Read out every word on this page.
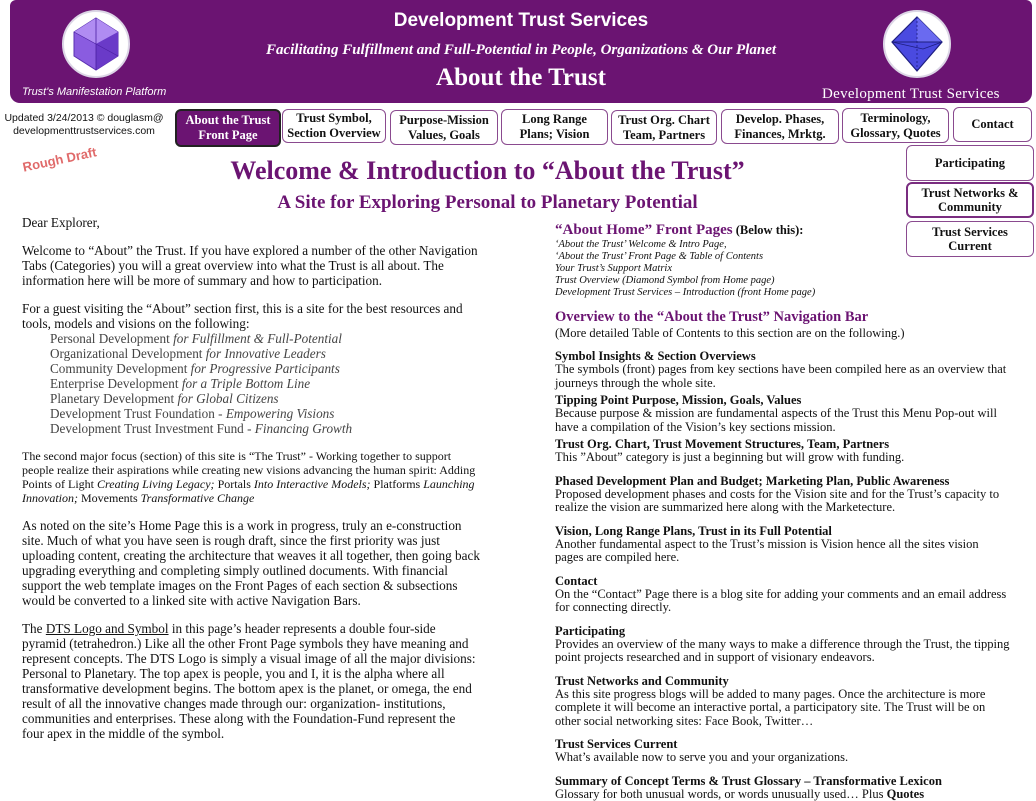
Development Trust Services
Facilitating Fulfillment and Full-Potential in People, Organizations & Our Planet
About the Trust
Trust's Manifestation Platform	Development Trust Services
Updated 3/24/2013 © douglasm@
developmenttrustservices.com
Rough Draft
About the Trust
Front Page
Trust Symbol,
Section Overview
Purpose-Mission
Values, Goals
Long Range
Plans; Vision
Trust Org. Chart
Team, Partners
Develop. Phases,
Finances, Mrktg.
Terminology,
Glossary, Quotes
Contact
Participating
Trust Networks &
Community
Trust Services
Current
Welcome & Introduction to “About the Trust”
A Site for Exploring Personal to Planetary Potential

Dear Explorer,

Welcome to “About” the Trust. If you have explored a number of the other Navigation Tabs (Categories) you will a great overview into what the Trust is all about. The information here will be more of summary and how to participation.

For a guest visiting the “About” section first, this is a site for the best resources and tools, models and visions on the following:

Personal Development for Fulfillment & Full-Potential
Organizational Development for Innovative Leaders
Community Development for Progressive Participants
Enterprise Development for a Triple Bottom Line
Planetary Development for Global Citizens
Development Trust Foundation - Empowering Visions
Development Trust Investment Fund - Financing Growth

The second major focus (section) of this site is “The Trust” - Working together to support people realize their aspirations while creating new visions advancing the human spirit: Adding Points of Light Creating Living Legacy; Portals Into Interactive Models; Platforms Launching Innovation; Movements Transformative Change

As noted on the site’s Home Page this is a work in progress, truly an e-construction site. Much of what you have seen is rough draft, since the first priority was just uploading content, creating the architecture that weaves it all together, then going back upgrading everything and completing simply outlined documents. With financial support the web template images on the Front Pages of each section & subsections would be converted to a linked site with active Navigation Bars.

The DTS Logo and Symbol in this page’s header represents a double four-side pyramid (tetrahedron.) Like all the other Front Page symbols they have meaning and represent concepts. The DTS Logo is simply a visual image of all the major divisions: Personal to Planetary. The top apex is people, you and I, it is the alpha where all transformative development begins. The bottom apex is the planet, or omega, the end result of all the innovative changes made through our: organization- institutions, communities and enterprises. These along with the Foundation-Fund represent the four apex in the middle of the symbol.

“About Home” Front Pages (Below this):
‘About the Trust’ Welcome & Intro Page,
‘About the Trust’ Front Page & Table of Contents
Your Trust’s Support Matrix
Trust Overview (Diamond Symbol from Home page)
Development Trust Services – Introduction (front Home page)
Overview to the “About the Trust” Navigation Bar
(More detailed Table of Contents to this section are on the following.)
Symbol Insights & Section Overviews
The symbols (front) pages from key sections have been compiled here as an overview that journeys through the whole site.
Tipping Point Purpose, Mission, Goals, Values
Because purpose & mission are fundamental aspects of the Trust this Menu Pop-out will have a compilation of the Vision’s key sections mission.
Trust Org. Chart, Trust Movement Structures, Team, Partners
This ”About” category is just a beginning but will grow with funding.
Phased Development Plan and Budget; Marketing Plan, Public Awareness
Proposed development phases and costs for the Vision site and for the Trust’s capacity to realize the vision are summarized here along with the Marketecture.
Vision, Long Range Plans, Trust in its Full Potential
Another fundamental aspect to the Trust’s mission is Vision hence all the sites vision pages are compiled here.
Contact
On the “Contact” Page there is a blog site for adding your comments and an email address for connecting directly.
Participating
Provides an overview of the many ways to make a difference through the Trust, the tipping point projects researched and in support of visionary endeavors.
Trust Networks and Community
As this site progress blogs will be added to many pages. Once the architecture is more complete it will become an interactive portal, a participatory site. The Trust will be on other social networking sites: Face Book, Twitter…
Trust Services Current
What’s available now to serve you and your organizations.
Summary of Concept Terms & Trust Glossary – Transformative Lexicon
Glossary for both unusual words, or words unusually used… Plus Quotes
